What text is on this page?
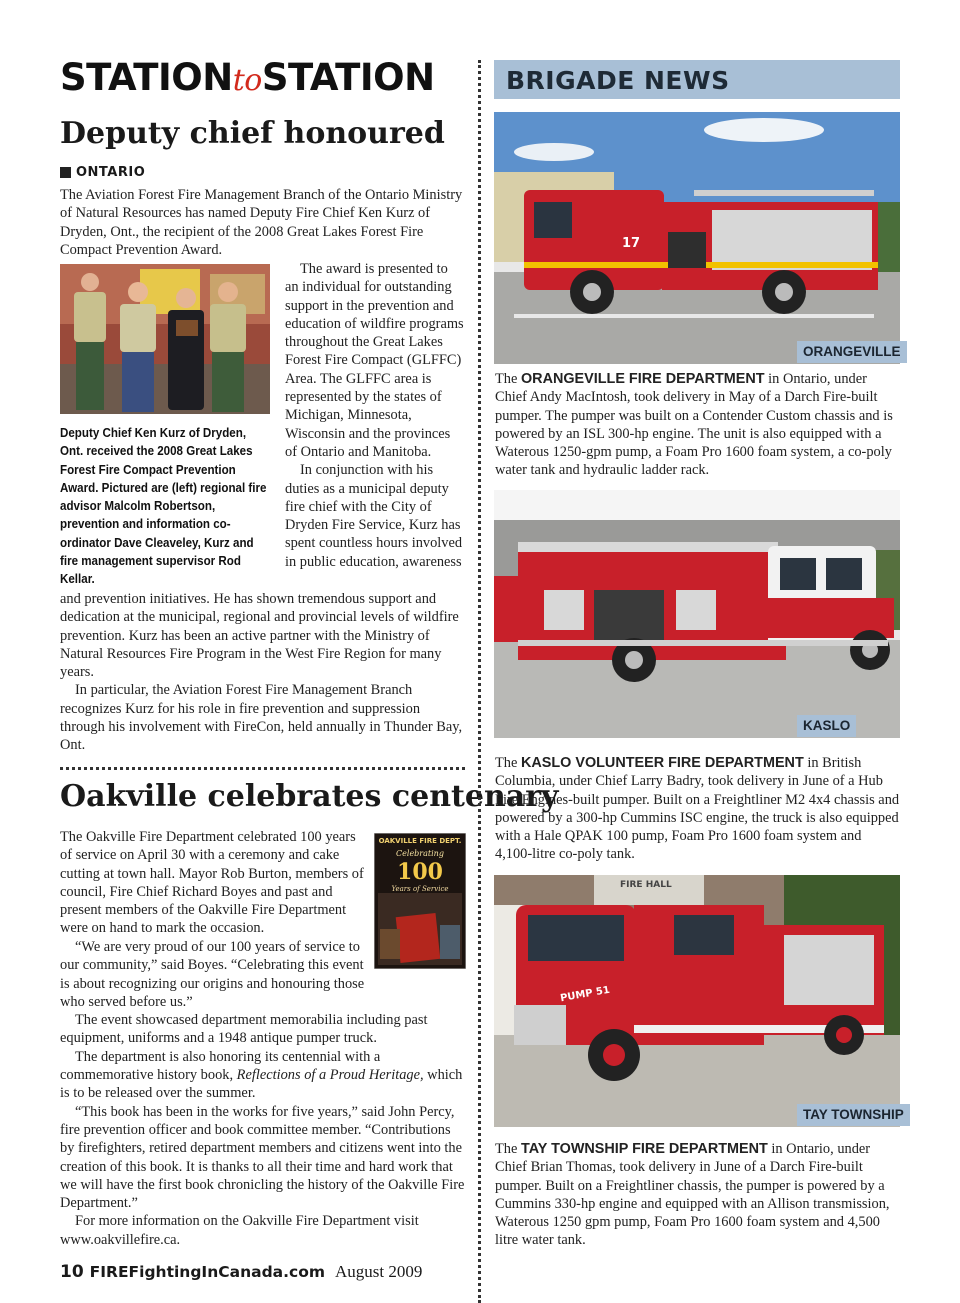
STATIONtoSTATION
Deputy chief honoured
ONTARIO

The Aviation Forest Fire Management Branch of the Ontario Ministry of Natural Resources has named Deputy Fire Chief Ken Kurz of Dryden, Ont., the recipient of the 2008 Great Lakes Forest Fire Compact Prevention Award.

Deputy Chief Ken Kurz of Dryden, Ont. received the 2008 Great Lakes Forest Fire Compact Prevention Award. Pictured are (left) regional fire advisor Malcolm Robertson, prevention and information co-ordinator Dave Cleaveley, Kurz and fire management supervisor Rod Kellar.

The award is presented to an individual for outstanding support in the prevention and education of wildfire programs throughout the Great Lakes Forest Fire Compact (GLFFC) Area. The GLFFC area is represented by the states of Michigan, Minnesota, Wisconsin and the provinces of Ontario and Manitoba.

In conjunction with his duties as a municipal deputy fire chief with the City of Dryden Fire Service, Kurz has spent countless hours involved in public education, awareness

and prevention initiatives. He has shown tremendous support and dedication at the municipal, regional and provincial levels of wildfire prevention. Kurz has been an active partner with the Ministry of Natural Resources Fire Program in the West Fire Region for many years.

In particular, the Aviation Forest Fire Management Branch recognizes Kurz for his role in fire prevention and suppression through his involvement with FireCon, held annually in Thunder Bay, Ont.

Oakville celebrates centenary
OAKVILLE FIRE DEPT.
Celebrating
100
Years of Service

The Oakville Fire Department celebrated 100 years of service on April 30 with a ceremony and cake cutting at town hall. Mayor Rob Burton, members of council, Fire Chief Richard Boyes and past and present members of the Oakville Fire Department were on hand to mark the occasion.

“We are very proud of our 100 years of service to our community,” said Boyes. “Celebrating this event is about recognizing our origins and honouring those who served before us.”

The event showcased department memorabilia including past equipment, uniforms and a 1948 antique pumper truck.

The department is also honoring its centennial with a commemorative history book, Reflections of a Proud Heritage, which is to be released over the summer.

“This book has been in the works for five years,” said John Percy, fire prevention officer and book committee member. “Contributions by firefighters, retired department members and citizens went into the creation of this book. It is thanks to all their time and hard work that we will have the first book chronicling the history of the Oakville Fire Department.”

For more information on the Oakville Fire Department visit www.oakvillefire.ca.

10 FIREFightingInCanada.com August 2009
BRIGADE NEWS
17
ORANGEVILLE

The ORANGEVILLE FIRE DEPARTMENT in Ontario, under Chief Andy MacIntosh, took delivery in May of a Darch Fire-built pumper. The pumper was built on a Contender Custom chassis and is powered by an ISL 300-hp engine. The unit is also equipped with a Waterous 1250-gpm pump, a Foam Pro 1600 foam system, a co-poly water tank and hydraulic ladder rack.

KASLO

The KASLO VOLUNTEER FIRE DEPARTMENT in British Columbia, under Chief Larry Badry, took delivery in June of a Hub Fire Engines-built pumper. Built on a Freightliner M2 4x4 chassis and powered by a 300-hp Cummins ISC engine, the truck is also equipped with a Hale QPAK 100 pump, Foam Pro 1600 foam system and 4,100-litre co-poly tank.

FIRE HALL
PUMP 51
TAY TOWNSHIP

The TAY TOWNSHIP FIRE DEPARTMENT in Ontario, under Chief Brian Thomas, took delivery in June of a Darch Fire-built pumper. Built on a Freightliner chassis, the pumper is powered by a Cummins 330-hp engine and equipped with an Allison transmission, Waterous 1250 gpm pump, Foam Pro 1600 foam system and 4,500 litre water tank.
